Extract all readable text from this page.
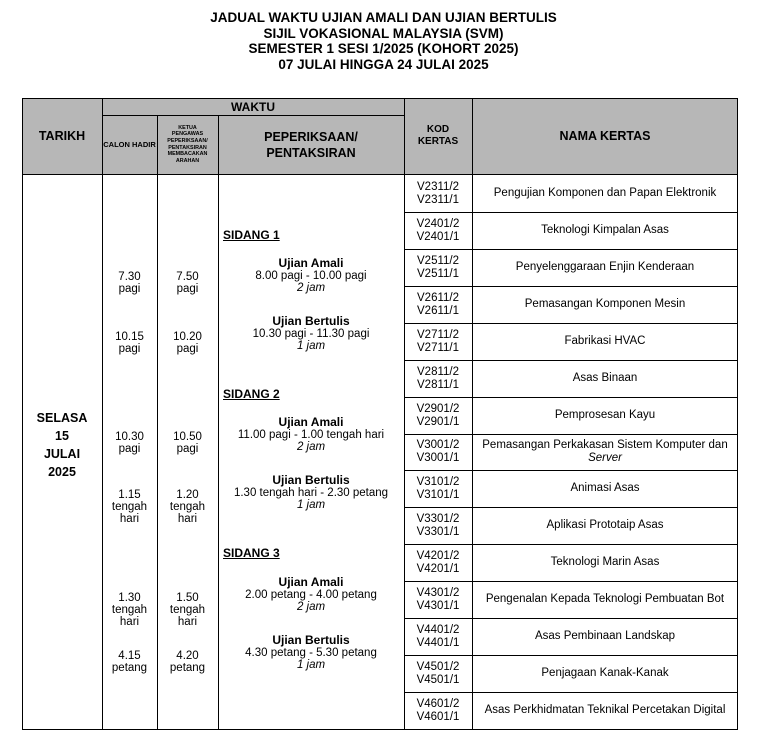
JADUAL WAKTU UJIAN AMALI DAN UJIAN BERTULIS
SIJIL VOKASIONAL MALAYSIA (SVM)
SEMESTER 1 SESI 1/2025 (KOHORT 2025)
07 JULAI HINGGA 24 JULAI 2025
TARIKH
WAKTU
CALON HADIR
KETUA
PENGAWAS
PEPERIKSAAN/
PENTAKSIRAN
MEMBACAKAN
ARAHAN
PEPERIKSAAN/
PENTAKSIRAN
KOD
KERTAS	NAMA KERTAS
SELASA
15
JULAI
2025
7.30
pagi
7.50
pagi
10.15
pagi
10.20
pagi
10.30
pagi
10.50
pagi
1.15
tengah
hari
1.20
tengah
hari
1.30
tengah
hari
1.50
tengah
hari
4.15
petang
4.20
petang
SIDANG 1
Ujian Amali
8.00 pagi - 10.00 pagi
2 jam
Ujian Bertulis
10.30 pagi - 11.30 pagi
1 jam
SIDANG 2
Ujian Amali
11.00 pagi - 1.00 tengah hari
2 jam
Ujian Bertulis
1.30 tengah hari - 2.30 petang
1 jam
SIDANG 3
Ujian Amali
2.00 petang - 4.00 petang
2 jam
Ujian Bertulis
4.30 petang - 5.30 petang
1 jam
V2311/2
V2311/1
Pengujian Komponen dan Papan Elektronik
V2401/2
V2401/1
Teknologi Kimpalan Asas
V2511/2
V2511/1
Penyelenggaraan Enjin Kenderaan
V2611/2
V2611/1
Pemasangan Komponen Mesin
V2711/2
V2711/1
Fabrikasi HVAC
V2811/2
V2811/1
Asas Binaan
V2901/2
V2901/1
Pemprosesan Kayu
V3001/2
V3001/1
Pemasangan Perkakasan Sistem Komputer dan Server
V3101/2
V3101/1
Animasi Asas
V3301/2
V3301/1
Aplikasi Prototaip Asas
V4201/2
V4201/1
Teknologi Marin Asas
V4301/2
V4301/1
Pengenalan Kepada Teknologi Pembuatan Bot
V4401/2
V4401/1
Asas Pembinaan Landskap
V4501/2
V4501/1
Penjagaan Kanak-Kanak
V4601/2
V4601/1
Asas Perkhidmatan Teknikal Percetakan Digital
